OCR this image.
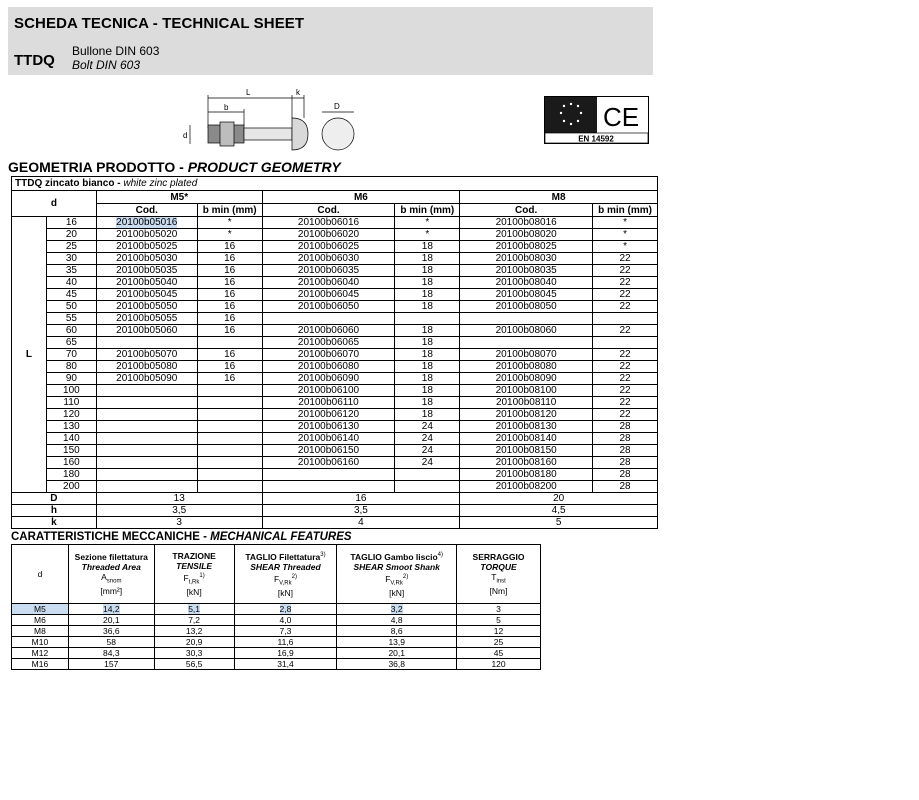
SCHEDA TECNICA - TECHNICAL SHEET
TTDQ
Bullone DIN 603
Bolt DIN 603
L	k
b
d
D	CE
EN 14592
GEOMETRIA PRODOTTO - PRODUCT GEOMETRY
TTDQ zincato bianco - white zinc plated							
d		M5*		M6		M8	
		Cod.	b min (mm)	Cod.	b min (mm)	Cod.	b min (mm)
L	16	20100b05016	*	20100b06016	*	20100b08016	*
	20	20100b05020	*	20100b06020	*	20100b08020	*
	25	20100b05025	16	20100b06025	18	20100b08025	*
	30	20100b05030	16	20100b06030	18	20100b08030	22
	35	20100b05035	16	20100b06035	18	20100b08035	22
	40	20100b05040	16	20100b06040	18	20100b08040	22
	45	20100b05045	16	20100b06045	18	20100b08045	22
	50	20100b05050	16	20100b06050	18	20100b08050	22
	55	20100b05055	16				
	60	20100b05060	16	20100b06060	18	20100b08060	22
	65			20100b06065	18		
	70	20100b05070	16	20100b06070	18	20100b08070	22
	80	20100b05080	16	20100b06080	18	20100b08080	22
	90	20100b05090	16	20100b06090	18	20100b08090	22
	100			20100b06100	18	20100b08100	22
	110			20100b06110	18	20100b08110	22
	120			20100b06120	18	20100b08120	22
	130			20100b06130	24	20100b08130	28
	140			20100b06140	24	20100b08140	28
	150			20100b06150	24	20100b08150	28
	160			20100b06160	24	20100b08160	28
	180					20100b08180	28
	200					20100b08200	28
D		13		16		20	
h		3,5		3,5		4,5	
k		3		4		5	
CARATTERISTICHE MECCANICHE - MECHANICAL FEATURES
d	Sezione filettatura
Threaded Area
$A_{snom}$
[mm²]	TRAZIONE
TENSILE
$F_{t,Rk}^{1)}$
[kN]	TAGLIO Filettatura$^{3)}$
SHEAR Threaded
$F_{V,Rk}^{2)}$
[kN]	TAGLIO Gambo liscio$^{4)}$
SHEAR Smoot Shank
$F_{V,Rk}^{2)}$
[kN]	SERRAGGIO
TORQUE
$T_{inst}$
[Nm]
M5	14,2	5,1	2,8	3,2	3
M6	20,1	7,2	4,0	4,8	5
M8	36,6	13,2	7,3	8,6	12
M10	58	20,9	11,6	13,9	25
M12	84,3	30,3	16,9	20,1	45
M16	157	56,5	31,4	36,8	120
